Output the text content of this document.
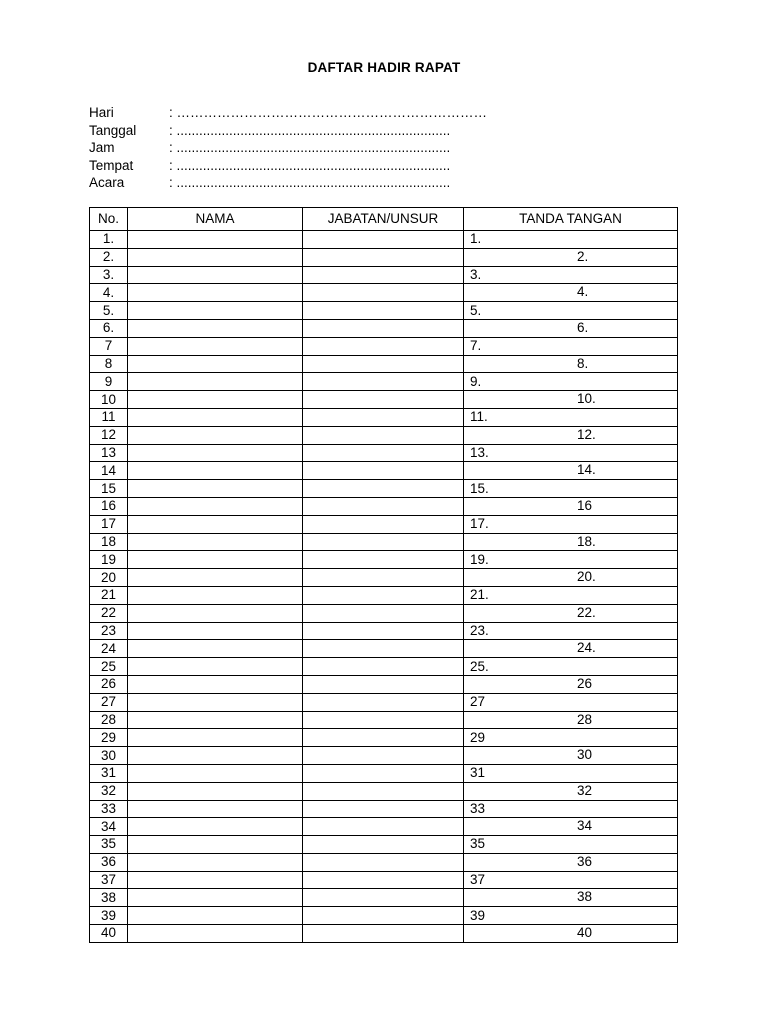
DAFTAR HADIR RAPAT
Hari	: ……………………………………………………………
Tanggal	: .........................................................................
Jam	: .........................................................................
Tempat	: .........................................................................
Acara	: .........................................................................
No.	NAMA	JABATAN/UNSUR	TANDA TANGAN
1.			1.
2.			2.

3.			3.
4.			4.

5.			5.
6.			6.

7			7.
8			8.

9			9.
10			10.

11			11.
12			12.

13			13.
14			14.

15			15.
16			16

17			17.
18			18.

19			19.
20			20.

21			21.
22			22.

23			23.
24			24.

25			25.
26			26

27			27
28			28

29			29
30			30

31			31
32			32

33			33
34			34

35			35
36			36

37			37
38			38

39			39
40			40
